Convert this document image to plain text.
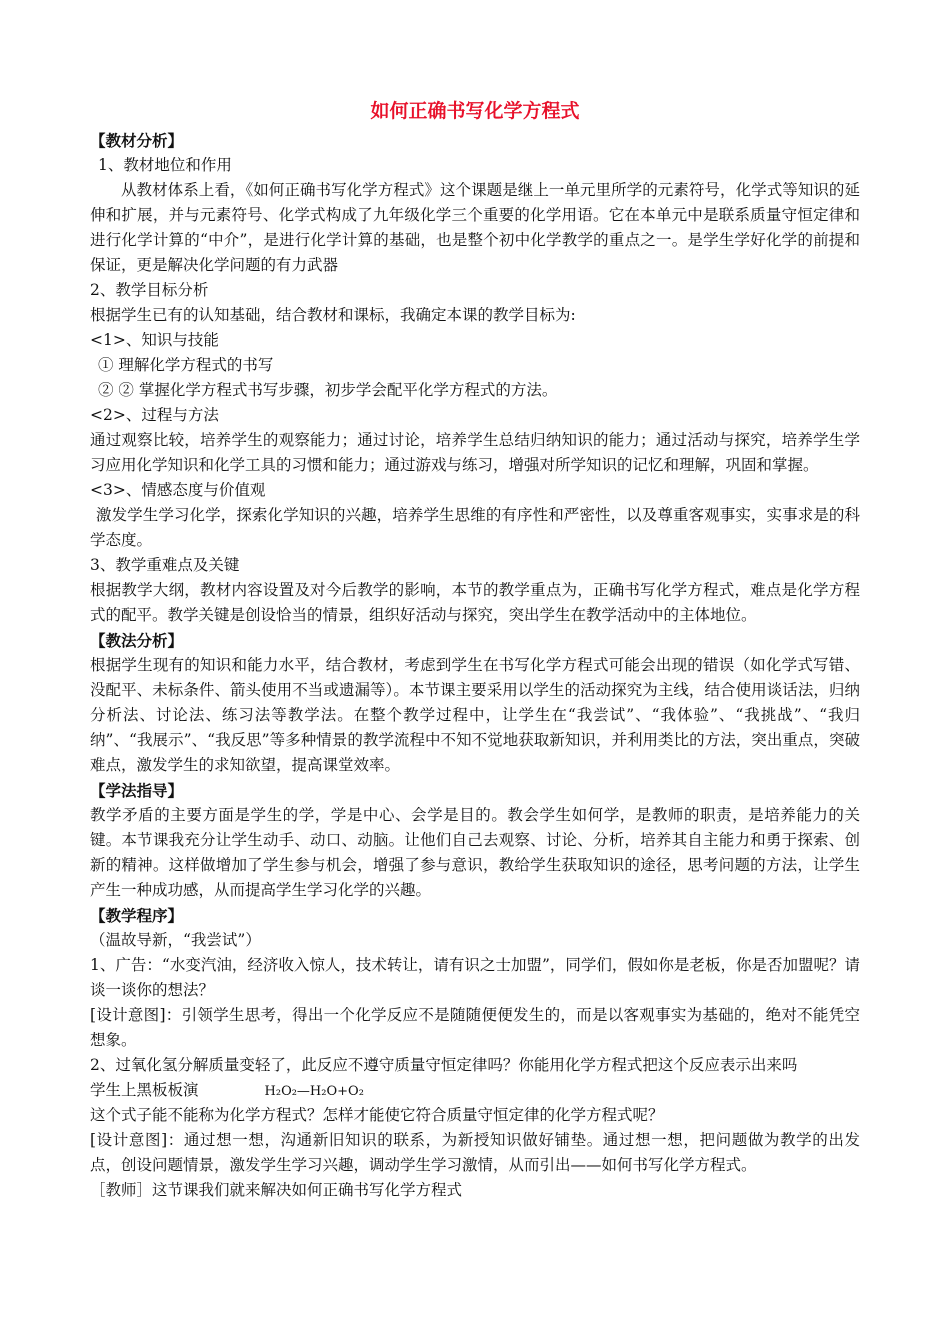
如何正确书写化学方程式
【教材分析】
1、教材地位和作用
从教材体系上看，《如何正确书写化学方程式》这个课题是继上一单元里所学的元素符号，化学式等知识的延伸和扩展，并与元素符号、化学式构成了九年级化学三个重要的化学用语。它在本单元中是联系质量守恒定律和进行化学计算的“中介”，是进行化学计算的基础，也是整个初中化学教学的重点之一。是学生学好化学的前提和保证，更是解决化学问题的有力武器
2、教学目标分析
根据学生已有的认知基础，结合教材和课标，我确定本课的教学目标为:
<1>、知识与技能
① 理解化学方程式的书写
② ② 掌握化学方程式书写步骤，初步学会配平化学方程式的方法。
<2>、过程与方法
通过观察比较，培养学生的观察能力；通过讨论，培养学生总结归纳知识的能力；通过活动与探究，培养学生学习应用化学知识和化学工具的习惯和能力；通过游戏与练习，增强对所学知识的记忆和理解，巩固和掌握。
<3>、情感态度与价值观
激发学生学习化学，探索化学知识的兴趣，培养学生思维的有序性和严密性，以及尊重客观事实，实事求是的科学态度。
3、教学重难点及关键
根据教学大纲，教材内容设置及对今后教学的影响，本节的教学重点为，正确书写化学方程式，难点是化学方程式的配平。教学关键是创设恰当的情景，组织好活动与探究，突出学生在教学活动中的主体地位。
【教法分析】
根据学生现有的知识和能力水平，结合教材，考虑到学生在书写化学方程式可能会出现的错误（如化学式写错、没配平、未标条件、箭头使用不当或遗漏等）。本节课主要采用以学生的活动探究为主线，结合使用谈话法，归纳分析法、讨论法、练习法等教学法。在整个教学过程中，让学生在“我尝试”、“我体验”、“我挑战”、“我归纳”、“我展示”、“我反思”等多种情景的教学流程中不知不觉地获取新知识，并利用类比的方法，突出重点，突破难点，激发学生的求知欲望，提高课堂效率。
【学法指导】
教学矛盾的主要方面是学生的学，学是中心、会学是目的。教会学生如何学，是教师的职责，是培养能力的关键。本节课我充分让学生动手、动口、动脑。让他们自己去观察、讨论、分析，培养其自主能力和勇于探索、创新的精神。这样做增加了学生参与机会，增强了参与意识，教给学生获取知识的途径，思考问题的方法，让学生产生一种成功感，从而提高学生学习化学的兴趣。
【教学程序】
（温故导新，“我尝试”）
1、广告：“水变汽油，经济收入惊人，技术转让，请有识之士加盟”，同学们，假如你是老板，你是否加盟呢？请谈一谈你的想法？
[设计意图]：引领学生思考，得出一个化学反应不是随随便便发生的，而是以客观事实为基础的，绝对不能凭空想象。
2、过氧化氢分解质量变轻了，此反应不遵守质量守恒定律吗？你能用化学方程式把这个反应表示出来吗
学生上黑板板演	H₂O₂—H₂O+O₂
这个式子能不能称为化学方程式？怎样才能使它符合质量守恒定律的化学方程式呢？
[设计意图]：通过想一想，沟通新旧知识的联系，为新授知识做好铺垫。通过想一想，把问题做为教学的出发点，创设问题情景，激发学生学习兴趣，调动学生学习激情，从而引出——如何书写化学方程式。
［教师］这节课我们就来解决如何正确书写化学方程式
